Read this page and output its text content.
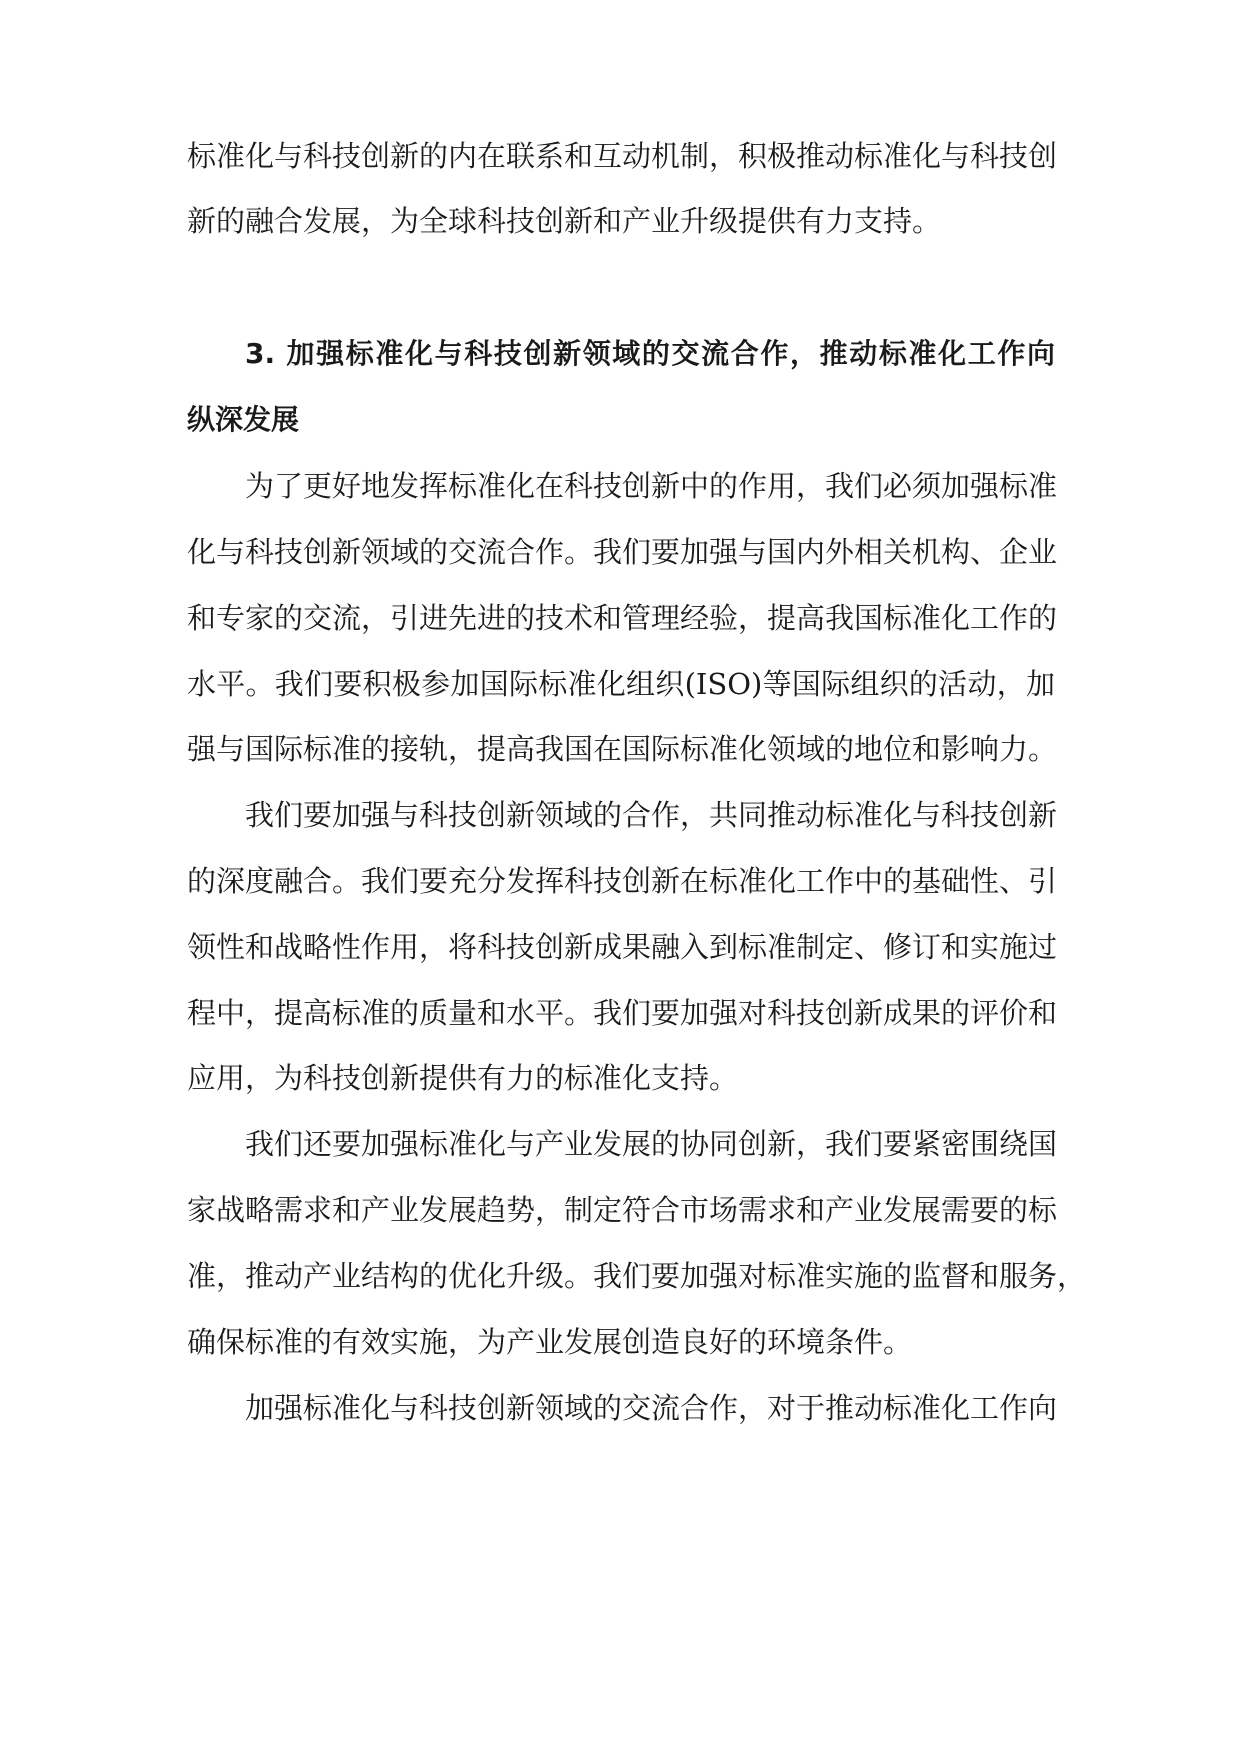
标准化与科技创新的内在联系和互动机制，积极推动标准化与科技创

新的融合发展，为全球科技创新和产业升级提供有力支持。

3. 加强标准化与科技创新领域的交流合作，推动标准化工作向

纵深发展

为了更好地发挥标准化在科技创新中的作用，我们必须加强标准

化与科技创新领域的交流合作。我们要加强与国内外相关机构、企业

和专家的交流，引进先进的技术和管理经验，提高我国标准化工作的

水平。我们要积极参加国际标准化组织(ISO)等国际组织的活动，加

强与国际标准的接轨，提高我国在国际标准化领域的地位和影响力。

我们要加强与科技创新领域的合作，共同推动标准化与科技创新

的深度融合。我们要充分发挥科技创新在标准化工作中的基础性、引

领性和战略性作用，将科技创新成果融入到标准制定、修订和实施过

程中，提高标准的质量和水平。我们要加强对科技创新成果的评价和

应用，为科技创新提供有力的标准化支持。

我们还要加强标准化与产业发展的协同创新，我们要紧密围绕国

家战略需求和产业发展趋势，制定符合市场需求和产业发展需要的标

准，推动产业结构的优化升级。我们要加强对标准实施的监督和服务，

确保标准的有效实施，为产业发展创造良好的环境条件。

加强标准化与科技创新领域的交流合作，对于推动标准化工作向
